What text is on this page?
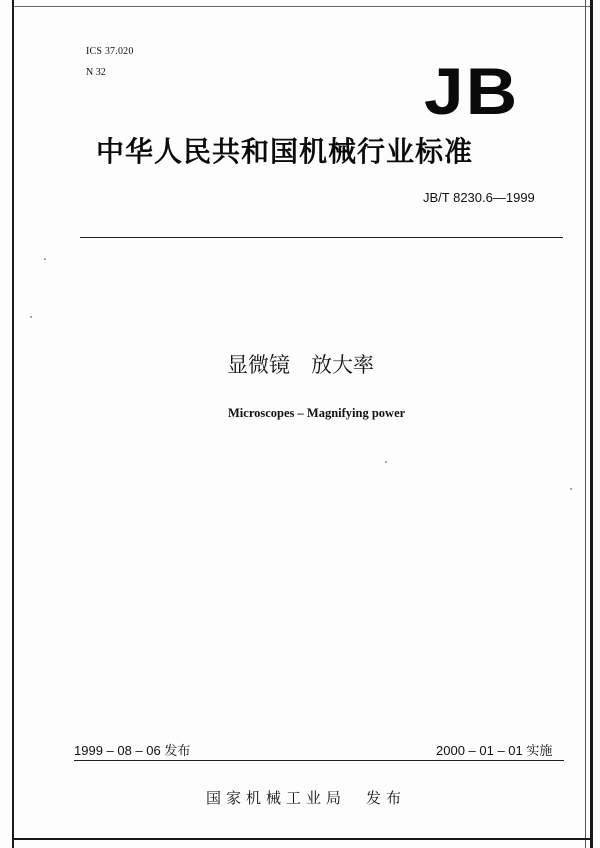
ICS 37.020
N 32	JB
中华人民共和国机械行业标准
JB/T 8230.6—1999
显微镜　放大率
Microscopes – Magnifying power
1999 – 08 – 06 发布	2000 – 01 – 01 实施
国家机械工业局　发布
